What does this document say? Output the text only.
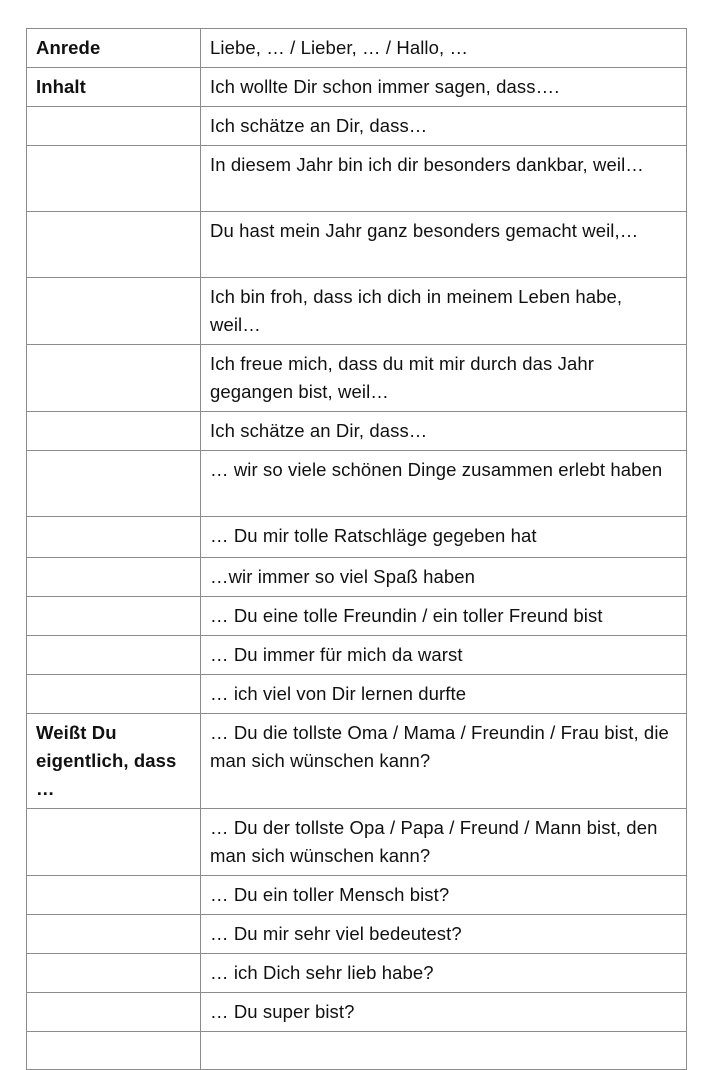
Anrede	Liebe, … / Lieber, … / Hallo, …
Inhalt	Ich wollte Dir schon immer sagen, dass….
	Ich schätze an Dir, dass…
	In diesem Jahr bin ich dir besonders dankbar, weil…
	Du hast mein Jahr ganz besonders gemacht weil,…
	Ich bin froh, dass ich dich in meinem Leben habe, weil…
	Ich freue mich, dass du mit mir durch das Jahr gegangen bist, weil…
	Ich schätze an Dir, dass…
	… wir so viele schönen Dinge zusammen erlebt haben
	… Du mir tolle Ratschläge gegeben hat
	…wir immer so viel Spaß haben
	… Du eine tolle Freundin / ein toller Freund bist
	… Du immer für mich da warst
	… ich viel von Dir lernen durfte
Weißt Du eigentlich, dass …	… Du die tollste Oma / Mama / Freundin / Frau bist, die man sich wünschen kann?
	… Du der tollste Opa / Papa / Freund / Mann bist, den man sich wünschen kann?
	… Du ein toller Mensch bist?
	… Du mir sehr viel bedeutest?
	… ich Dich sehr lieb habe?
	… Du super bist?
